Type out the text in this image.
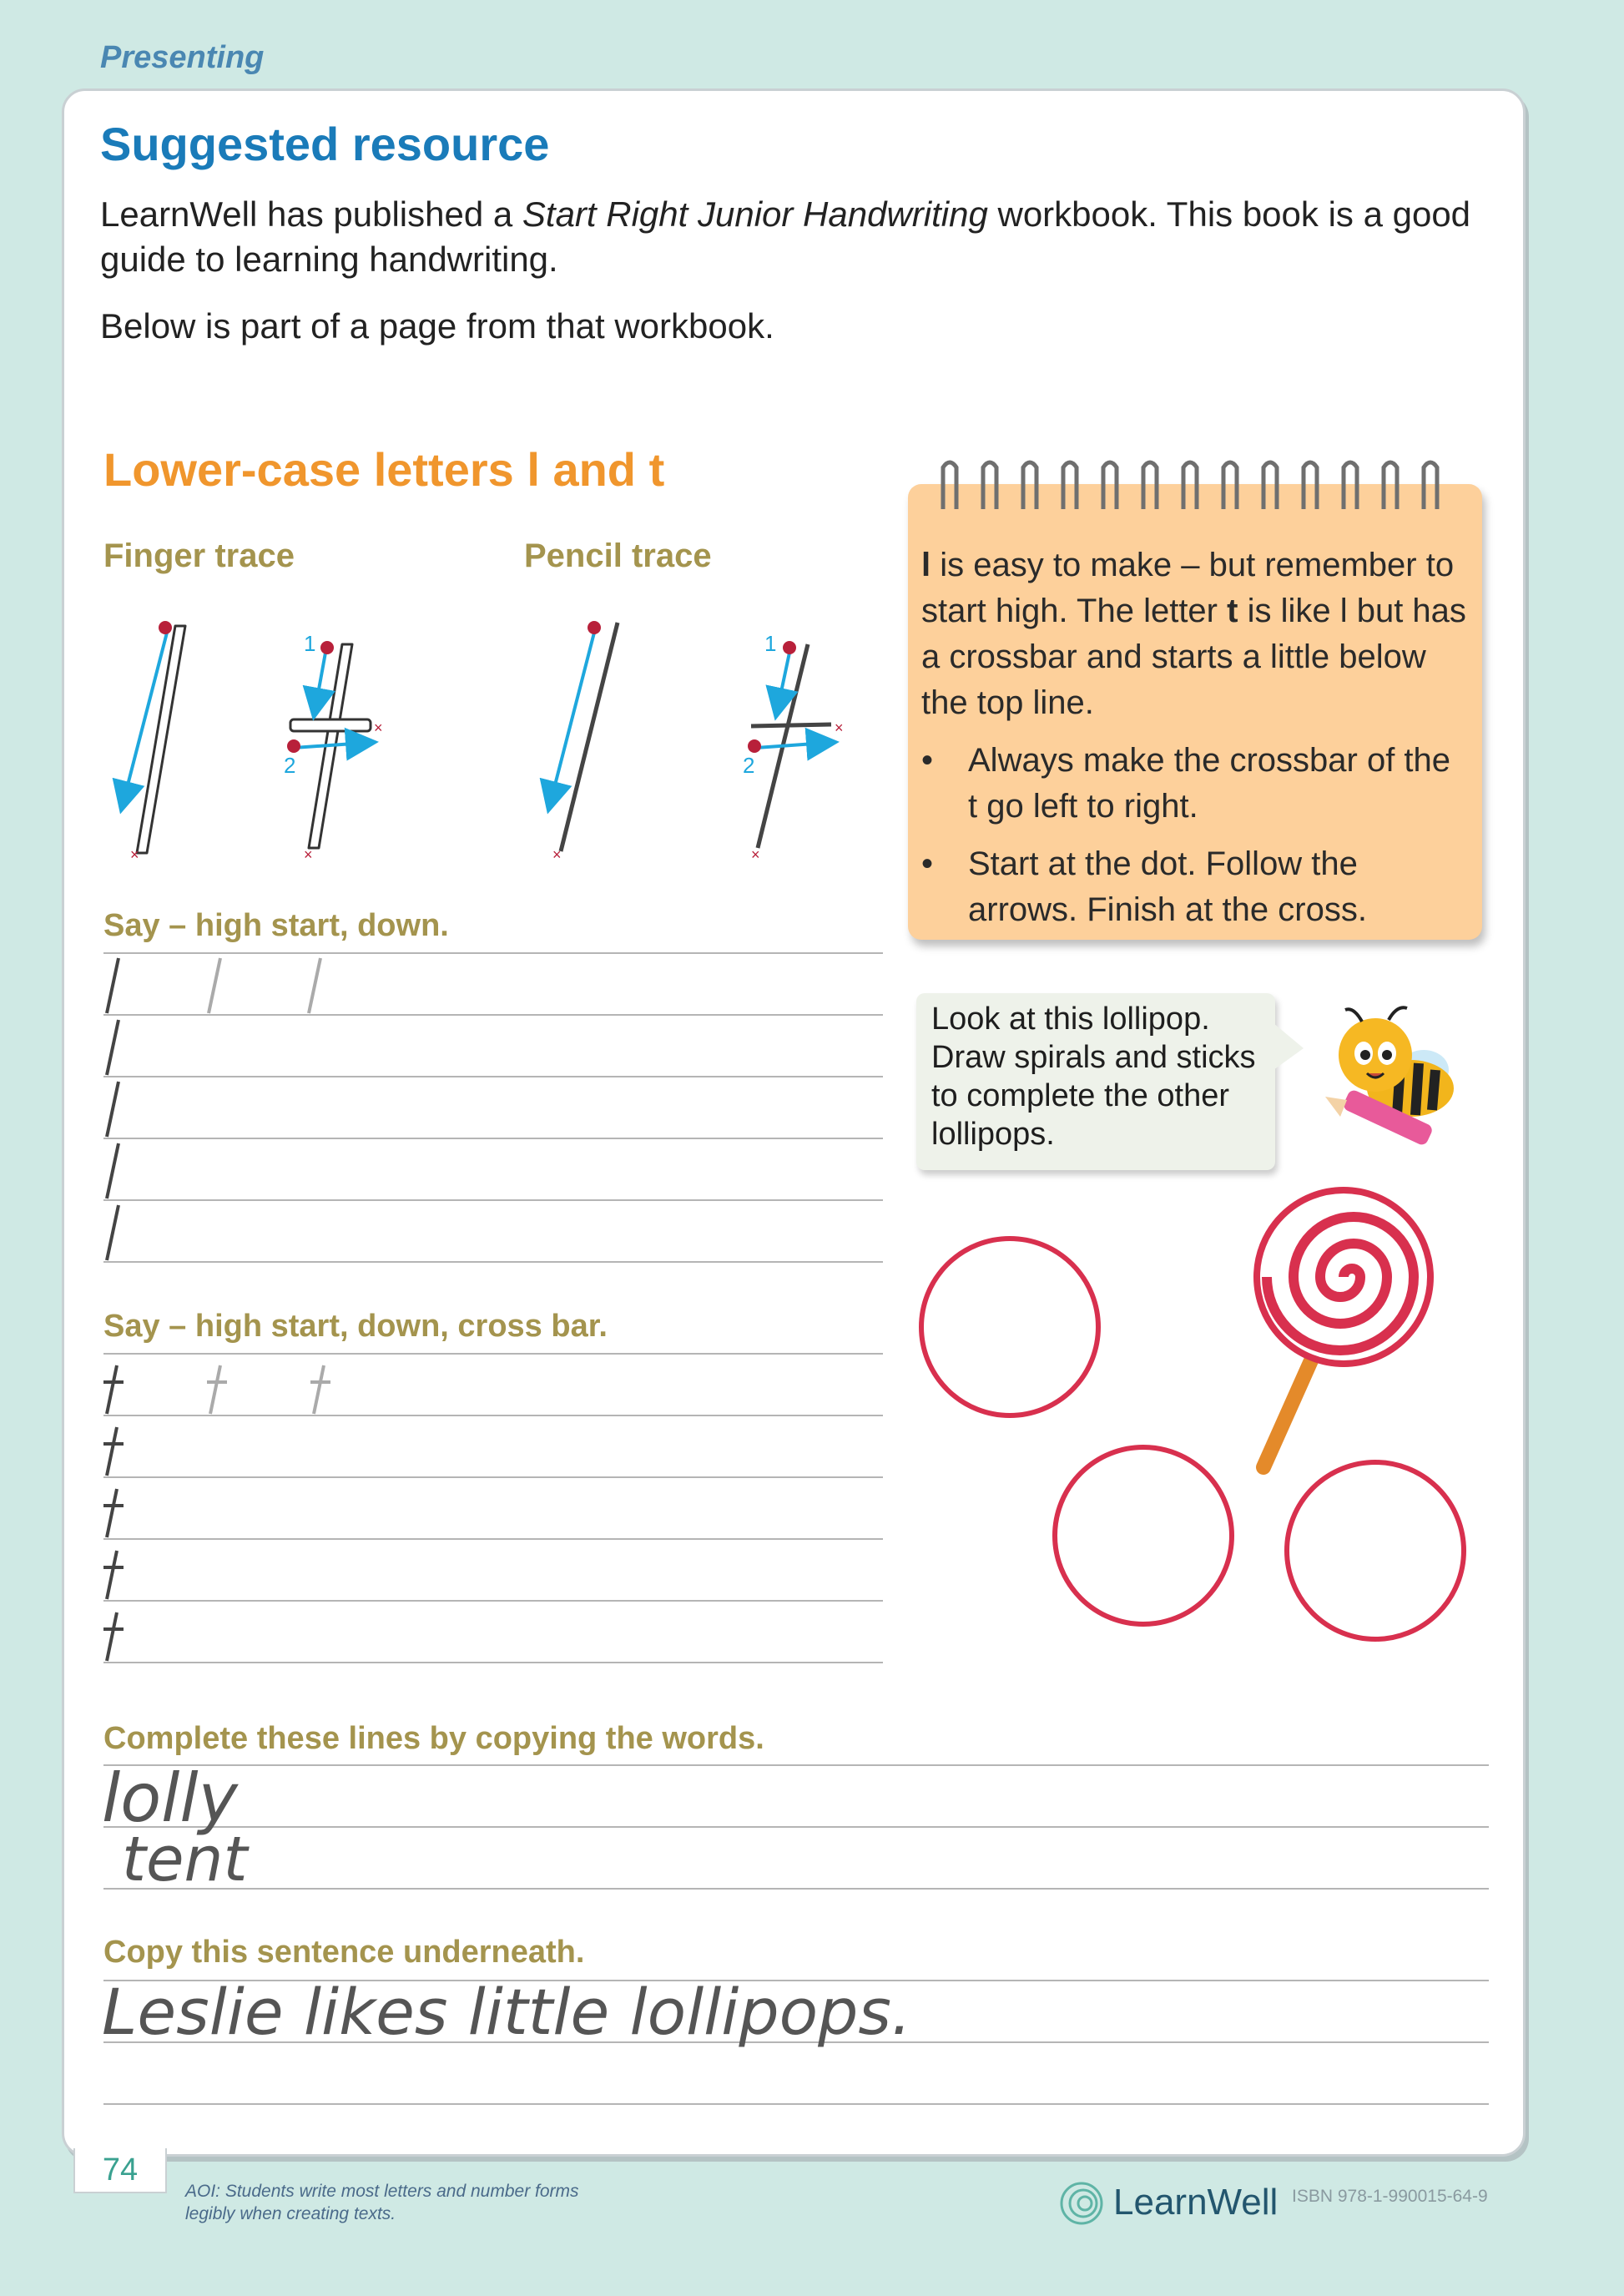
Presenting
Suggested resource
LearnWell has published a Start Right Junior Handwriting workbook. This book is a good guide to learning handwriting.
Below is part of a page from that workbook.
Lower-case letters l and t
Finger trace	Pencil trace
×	×
×
1
2
×	×
×
1
2
Say – high start, down.
Say – high start, down, cross bar.
l is easy to make – but remember to start high. The letter t is like l but has a crossbar and starts a little below the top line.
• Always make the crossbar of the t go left to right.
• Start at the dot. Follow the arrows. Finish at the cross.
Look at this lollipop. Draw spirals and sticks to complete the other lollipops.
Complete these lines by copying the words.
lolly
tent
Copy this sentence underneath.
Leslie likes little lollipops.
74
AOI: Students write most letters and number forms legibly when creating texts.	LearnWell ISBN 978-1-990015-64-9
